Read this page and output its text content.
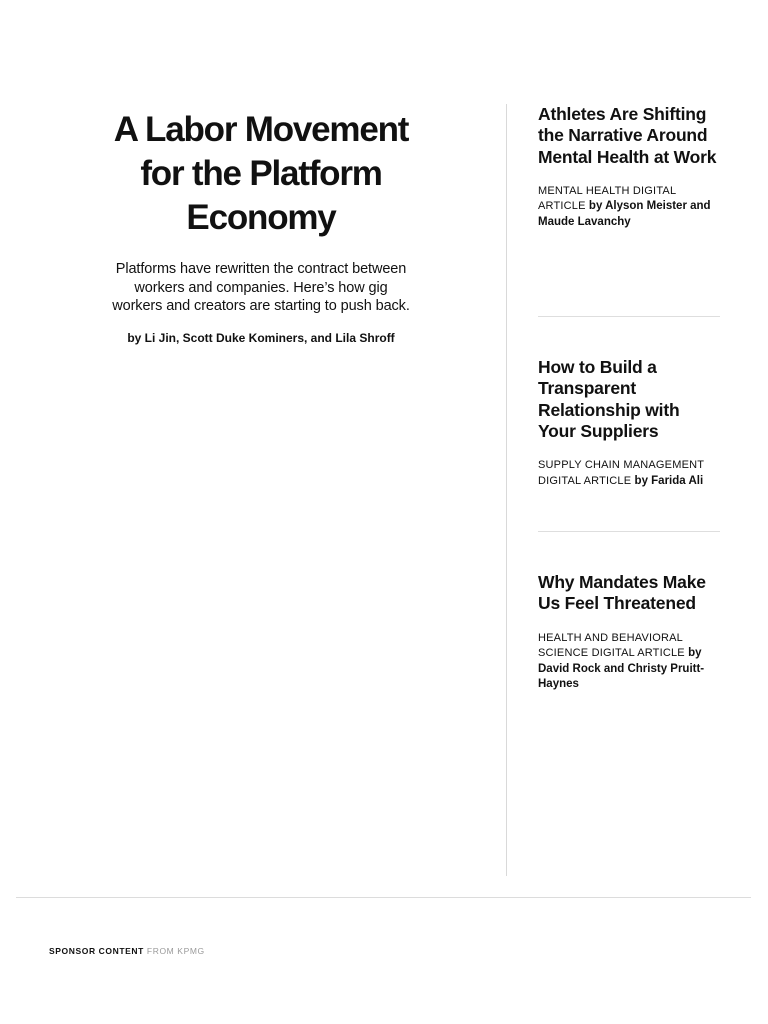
A Labor Movement for the Platform Economy

Platforms have rewritten the contract between workers and companies. Here’s how gig workers and creators are starting to push back.

by Li Jin, Scott Duke Kominers, and Lila Shroff

Athletes Are Shifting the Narrative Around Mental Health at Work

MENTAL HEALTH DIGITAL ARTICLE by Alyson Meister and Maude Lavanchy

How to Build a Transparent Relationship with Your Suppliers

SUPPLY CHAIN MANAGEMENT DIGITAL ARTICLE by Farida Ali

Why Mandates Make Us Feel Threatened

HEALTH AND BEHAVIORAL SCIENCE DIGITAL ARTICLE by David Rock and Christy Pruitt-Haynes

SPONSOR CONTENT FROM KPMG
